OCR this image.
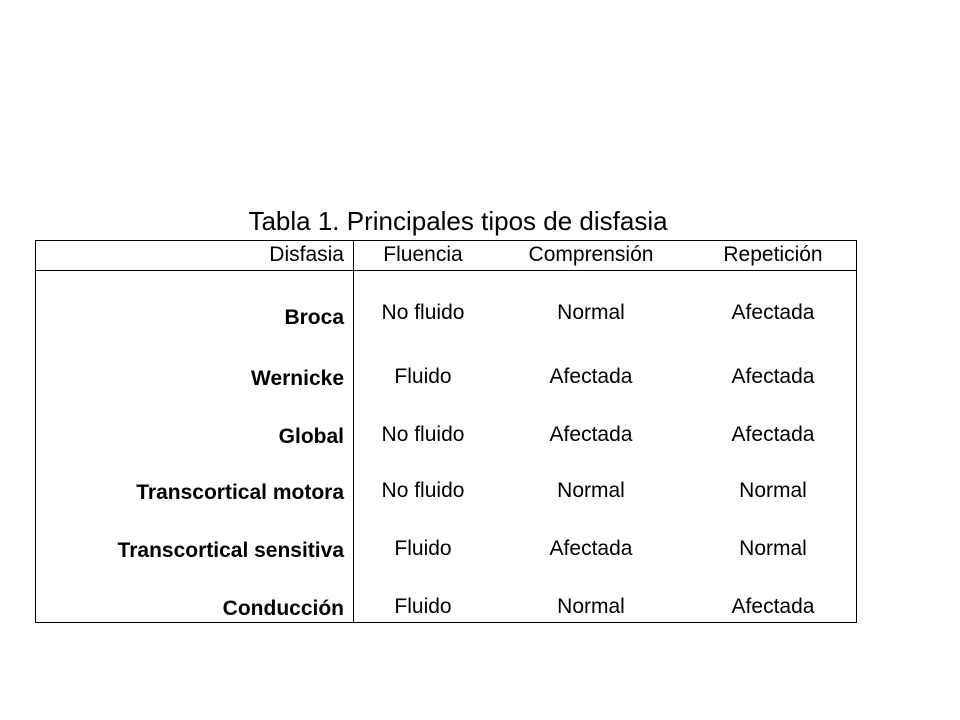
Tabla 1. Principales tipos de disfasia
Disfasia	Fluencia	Comprensión	Repetición
Broca	No fluido	Normal	Afectada
Wernicke	Fluido	Afectada	Afectada
Global	No fluido	Afectada	Afectada
Transcortical motora	No fluido	Normal	Normal
Transcortical sensitiva	Fluido	Afectada	Normal
Conducción	Fluido	Normal	Afectada
